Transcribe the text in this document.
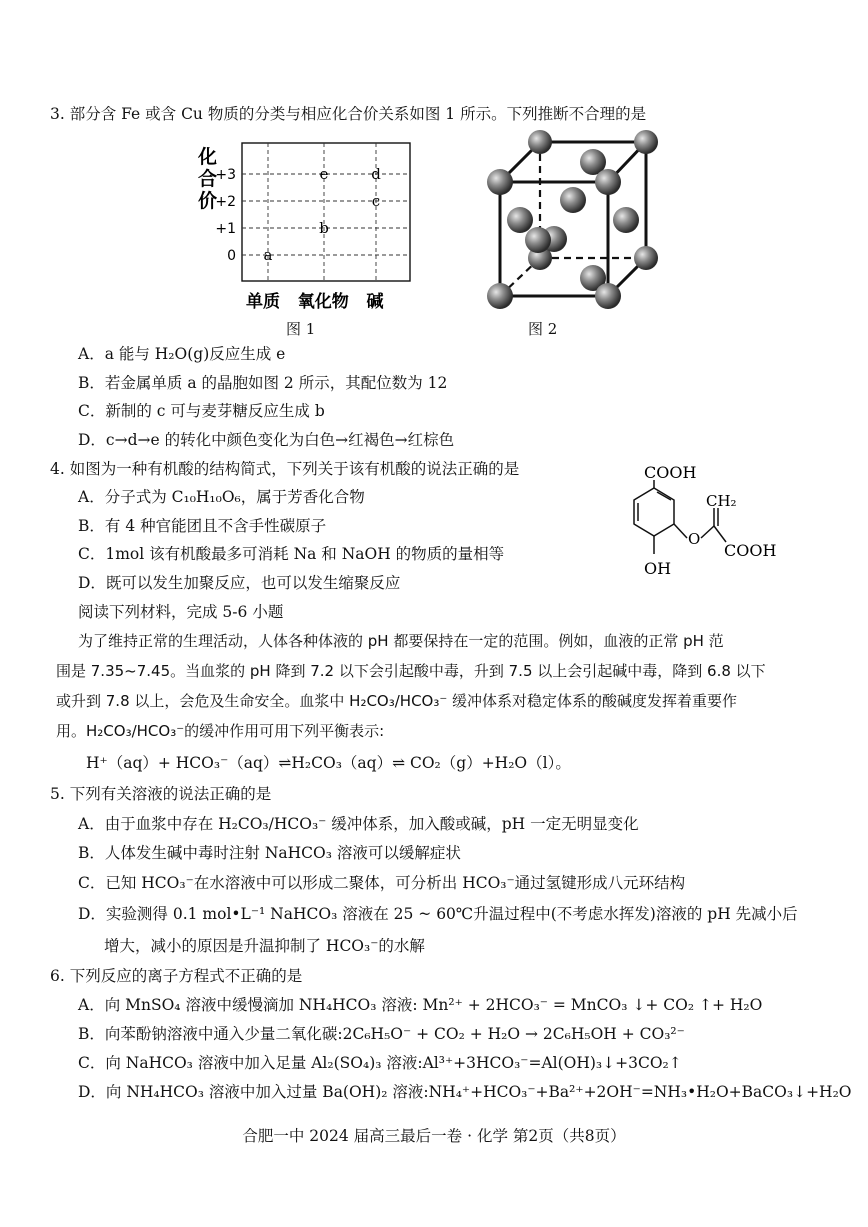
3. 部分含 Fe 或含 Cu 物质的分类与相应化合价关系如图 1 所示。下列推断不合理的是
化合价
+3
+2
+1
0 a
b
e
c
d
单质   氧化物   碱
图 1	图 2
A．a 能与 H₂O(g)反应生成 e
B．若金属单质 a 的晶胞如图 2 所示，其配位数为 12
C．新制的 c 可与麦芽糖反应生成 b
D．c→d→e 的转化中颜色变化为白色→红褐色→红棕色
4. 如图为一种有机酸的结构简式，下列关于该有机酸的说法正确的是
A．分子式为 C₁₀H₁₀O₆，属于芳香化合物
B．有 4 种官能团且不含手性碳原子
C．1mol 该有机酸最多可消耗 Na 和 NaOH 的物质的量相等
D．既可以发生加聚反应，也可以发生缩聚反应
COOH
CH₂
O
COOH
OH
阅读下列材料，完成 5-6 小题
为了维持正常的生理活动，人体各种体液的 pH 都要保持在一定的范围。例如，血液的正常 pH 范
围是 7.35~7.45。当血浆的 pH 降到 7.2 以下会引起酸中毒，升到 7.5 以上会引起碱中毒，降到 6.8 以下
或升到 7.8 以上，会危及生命安全。血浆中 H₂CO₃/HCO₃⁻ 缓冲体系对稳定体系的酸碱度发挥着重要作
用。H₂CO₃/HCO₃⁻的缓冲作用可用下列平衡表示:
H⁺（aq）+ HCO₃⁻（aq）⇌H₂CO₃（aq）⇌ CO₂（g）+H₂O（l）。
5. 下列有关溶液的说法正确的是
A．由于血浆中存在 H₂CO₃/HCO₃⁻ 缓冲体系，加入酸或碱，pH 一定无明显变化
B．人体发生碱中毒时注射 NaHCO₃ 溶液可以缓解症状
C．已知 HCO₃⁻在水溶液中可以形成二聚体，可分析出 HCO₃⁻通过氢键形成八元环结构
D．实验测得 0.1 mol•L⁻¹ NaHCO₃ 溶液在 25 ~ 60℃升温过程中(不考虑水挥发)溶液的 pH 先减小后
增大，减小的原因是升温抑制了 HCO₃⁻的水解
6. 下列反应的离子方程式不正确的是
A．向 MnSO₄ 溶液中缓慢滴加 NH₄HCO₃ 溶液: Mn²⁺ + 2HCO₃⁻ = MnCO₃ ↓+ CO₂ ↑+ H₂O
B．向苯酚钠溶液中通入少量二氧化碳:2C₆H₅O⁻ + CO₂ + H₂O → 2C₆H₅OH + CO₃²⁻
C．向 NaHCO₃ 溶液中加入足量 Al₂(SO₄)₃ 溶液:Al³⁺+3HCO₃⁻=Al(OH)₃↓+3CO₂↑
D．向 NH₄HCO₃ 溶液中加入过量 Ba(OH)₂ 溶液:NH₄⁺+HCO₃⁻+Ba²⁺+2OH⁻=NH₃•H₂O+BaCO₃↓+H₂O
合肥一中 2024 届高三最后一卷 · 化学 第2页（共8页）
